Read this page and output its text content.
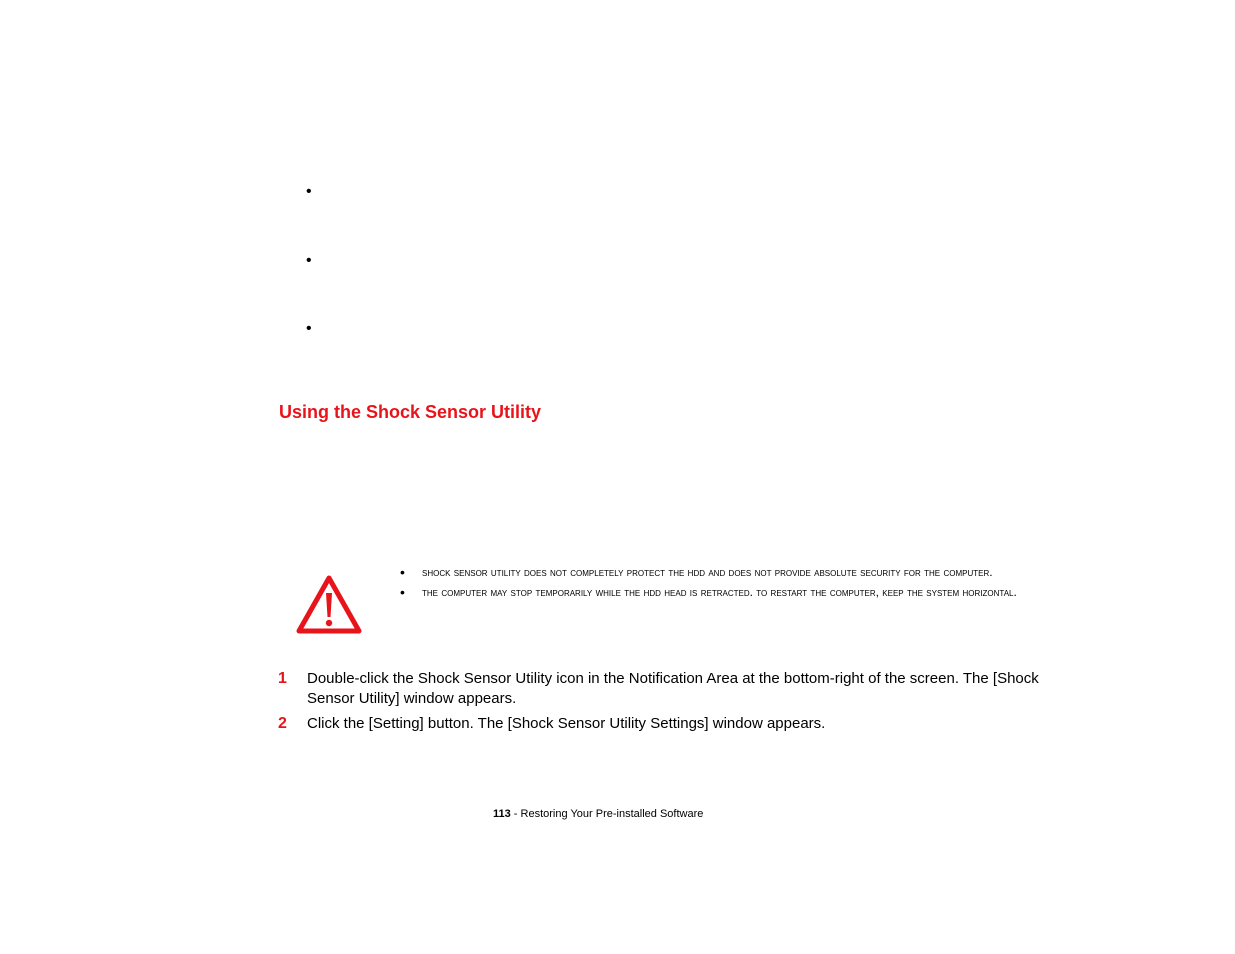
•
•
•
Using the Shock Sensor Utility
• shock sensor utility does not completely protect the hdd and does not provide absolute security for the computer.
• the computer may stop temporarily while the hdd head is retracted. to restart the computer, keep the system horizontal.
1 Double-click the Shock Sensor Utility icon in the Notification Area at the bottom-right of the screen. The [Shock Sensor Utility] window appears.
2 Click the [Setting] button. The [Shock Sensor Utility Settings] window appears.
113 - Restoring Your Pre-installed Software
